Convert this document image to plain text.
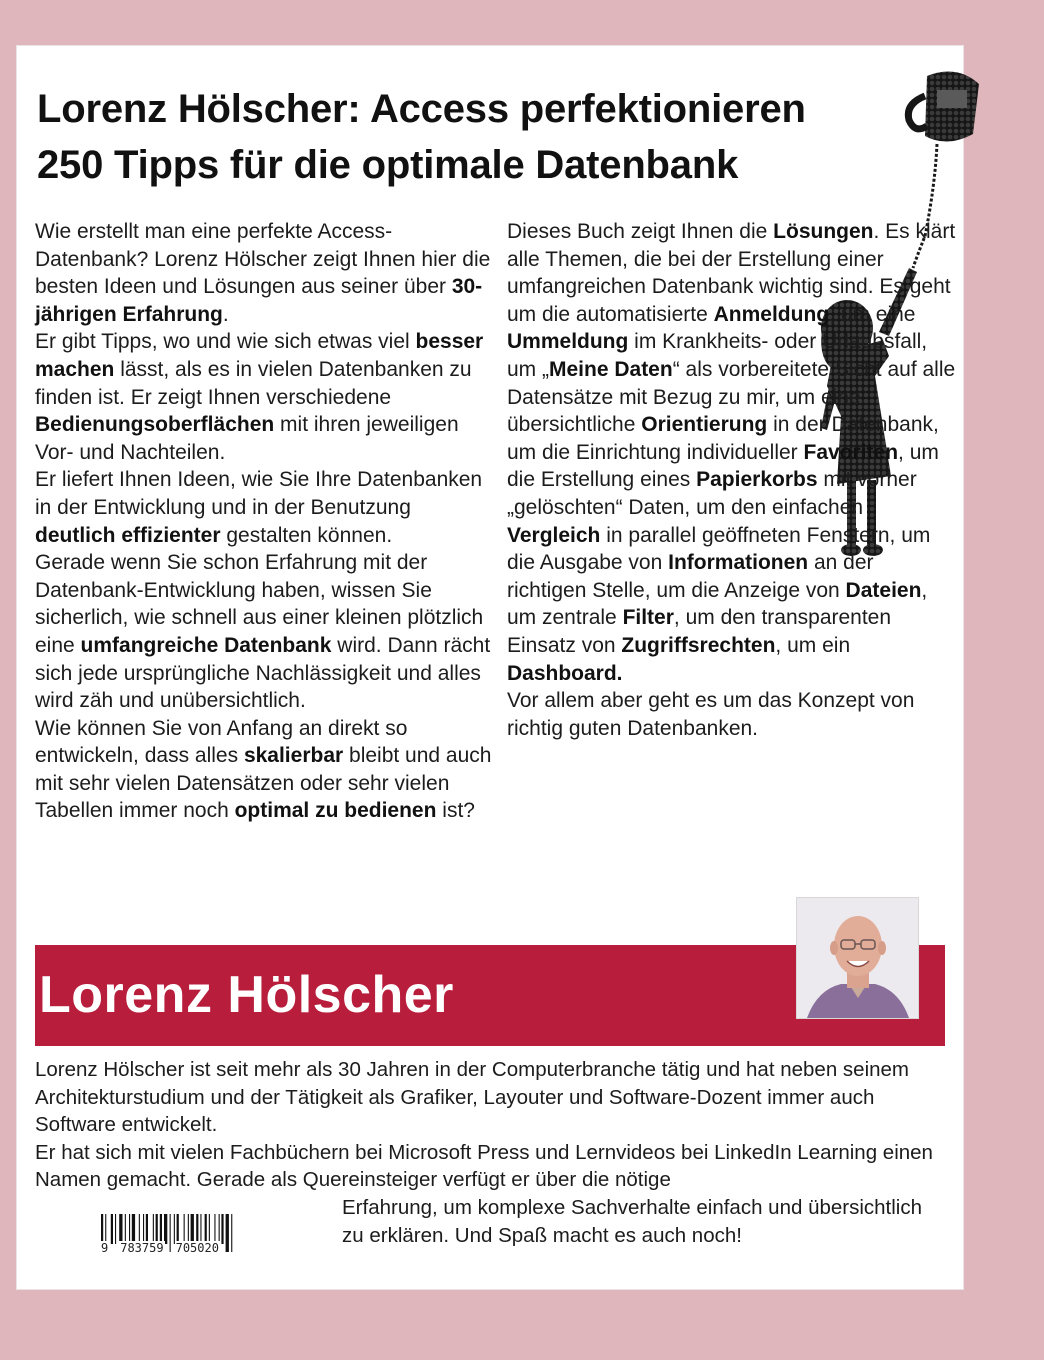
Lorenz Hölscher: Access perfektionieren
250 Tipps für die optimale Datenbank

Wie erstellt man eine perfekte Access-Datenbank? Lorenz Hölscher zeigt Ihnen hier die besten Ideen und Lösungen aus seiner über 30-jährigen Erfahrung.

Er gibt Tipps, wo und wie sich etwas viel besser machen lässt, als es in vielen Datenbanken zu finden ist. Er zeigt Ihnen verschiedene Bedienungsoberflächen mit ihren jeweiligen Vor- und Nachteilen.

Er liefert Ihnen Ideen, wie Sie Ihre Datenbanken in der Entwicklung und in der Benutzung deutlich effizienter gestalten können.

Gerade wenn Sie schon Erfahrung mit der Datenbank-Entwicklung haben, wissen Sie sicherlich, wie schnell aus einer kleinen plötzlich eine umfangreiche Datenbank wird. Dann rächt sich jede ursprüngliche Nachlässigkeit und alles wird zäh und unübersichtlich.

Wie können Sie von Anfang an direkt so entwickeln, dass alles skalierbar bleibt und auch mit sehr vielen Datensätzen oder sehr vielen Tabellen immer noch optimal zu bedienen ist?

Dieses Buch zeigt Ihnen die Lösungen. Es klärt alle Themen, die bei der Erstellung einer umfangreichen Datenbank wichtig sind. Es geht um die automatisierte Anmeldung, um eine Ummeldung im Krankheits- oder Urlaubsfall, um „Meine Daten“ als vorbereitete Sicht auf alle Datensätze mit Bezug zu mir, um eine übersichtliche Orientierung in der Datenbank, um die Einrichtung individueller Favoriten, um die Erstellung eines Papierkorbs mit vorher „gelöschten“ Daten, um den einfachen Vergleich in parallel geöffneten Fenstern, um die Ausgabe von Informationen an der richtigen Stelle, um die Anzeige von Dateien, um zentrale Filter, um den transparenten Einsatz von Zugriffsrechten, um ein Dashboard.

Vor allem aber geht es um das Konzept von richtig guten Datenbanken.

Lorenz Hölscher

Lorenz Hölscher ist seit mehr als 30 Jahren in der Computerbranche tätig und hat neben seinem Architekturstudium und der Tätigkeit als Grafiker, Layouter und Software-Dozent immer auch Software entwickelt.
Er hat sich mit vielen Fachbüchern bei Microsoft Press und Lernvideos bei LinkedIn Learning einen Namen gemacht. Gerade als Quereinsteiger verfügt er über die nötige

Erfahrung, um komplexe Sachverhalte einfach und übersichtlich zu erklären. Und Spaß macht es auch noch!

9 783759 705020
